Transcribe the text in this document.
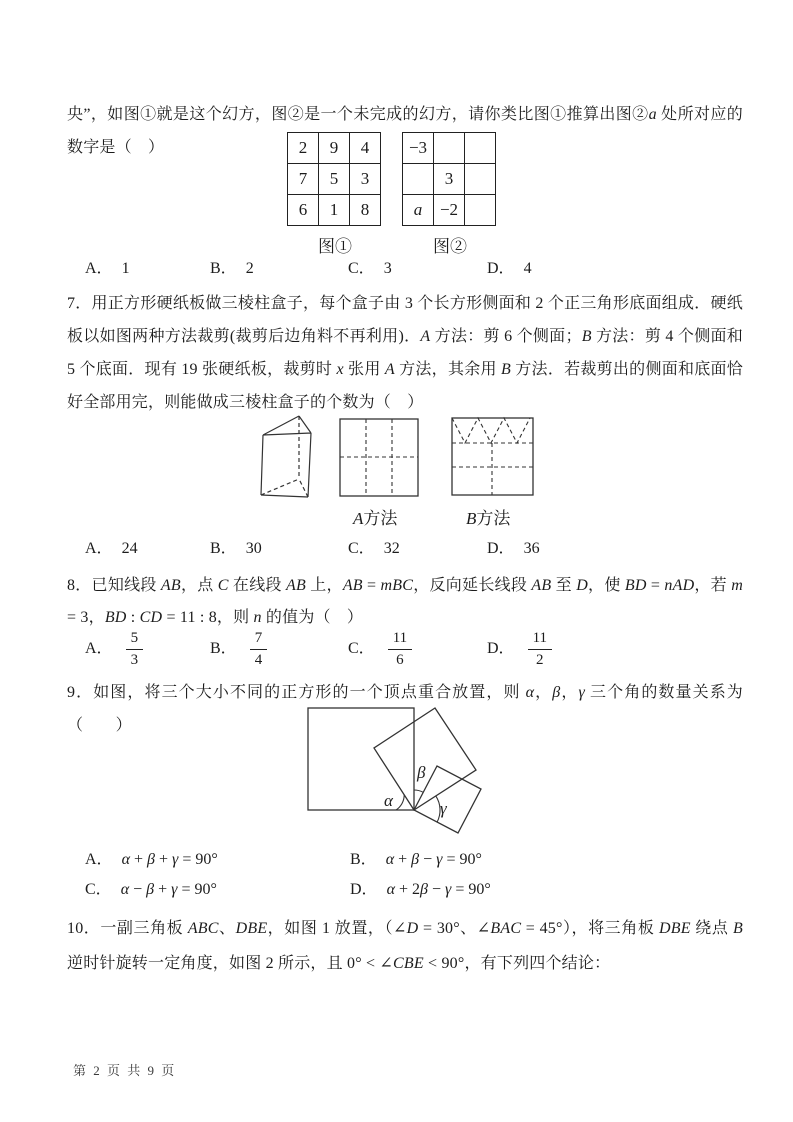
央”，如图①就是这个幻方，图②是一个未完成的幻方，请你类比图①推算出图②a 处所对应的数字是（　）	2	9	4
7	5	3
6	1	8
图①
−3		
	3	
a	−2	
图②
A． 1	B． 2	C． 3	D． 4
7．用正方形硬纸板做三棱柱盒子，每个盒子由 3 个长方形侧面和 2 个正三角形底面组成．硬纸板以如图两种方法裁剪(裁剪后边角料不再利用)．A 方法：剪 6 个侧面；B 方法：剪 4 个侧面和 5 个底面．现有 19 张硬纸板，裁剪时 x 张用 A 方法，其余用 B 方法．若裁剪出的侧面和底面恰好全部用完，则能做成三棱柱盒子的个数为（　）
A方法	B方法
A． 24	B． 30	C． 32	D． 36
8．已知线段 AB，点 C 在线段 AB 上，AB = mBC，反向延长线段 AB 至 D，使 BD = nAD，若 m = 3，BD : CD = 11 : 8，则 n 的值为（　）
A． $\frac{5}{3}$	B． $\frac{7}{4}$	C． $\frac{11}{6}$	D． $\frac{11}{2}$
9．如图，将三个大小不同的正方形的一个顶点重合放置，则 α，β，γ 三个角的数量关系为（　　）
α
β
γ
A． α + β + γ = 90°	B． α + β − γ = 90°
C． α − β + γ = 90°	D． α + 2β − γ = 90°
10．一副三角板 ABC、DBE，如图 1 放置，（∠D = 30°、∠BAC = 45°），将三角板 DBE 绕点 B 逆时针旋转一定角度，如图 2 所示，且 0° < ∠CBE < 90°，有下列四个结论：
第 2 页 共 9 页
